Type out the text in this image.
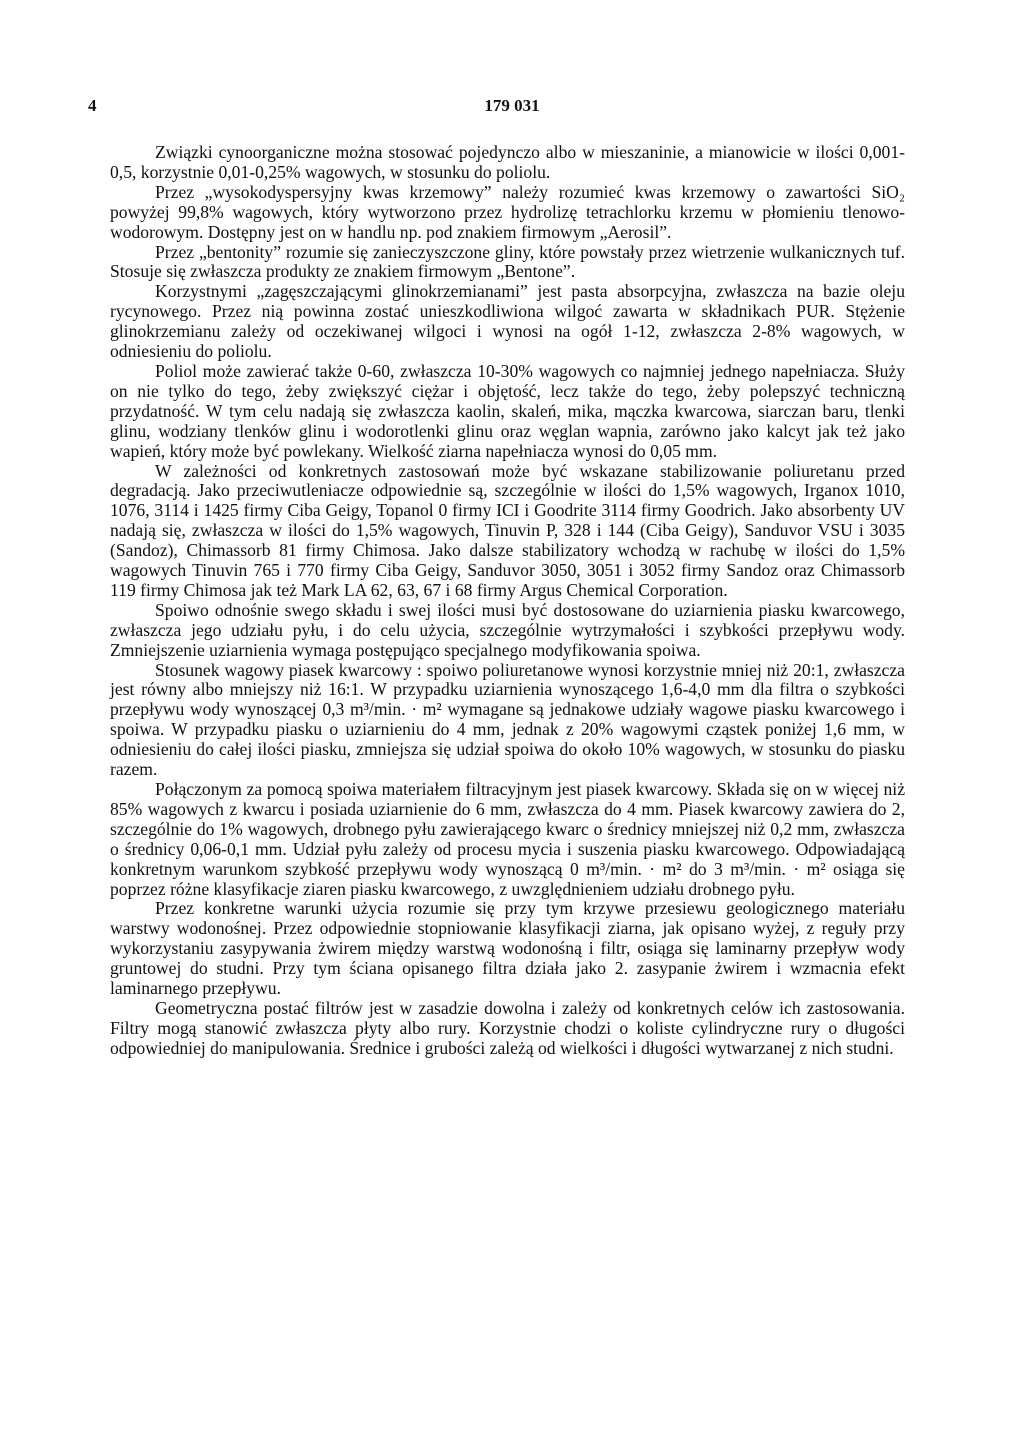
4	179 031

Związki cynoorganiczne można stosować pojedynczo albo w mieszaninie, a mianowicie w ilości 0,001-0,5, korzystnie 0,01-0,25% wagowych, w stosunku do poliolu.

Przez „wysokodyspersyjny kwas krzemowy” należy rozumieć kwas krzemowy o zawartości SiO₂ powyżej 99,8% wagowych, który wytworzono przez hydrolizę tetrachlorku krzemu w płomieniu tlenowo-wodorowym. Dostępny jest on w handlu np. pod znakiem firmowym „Aerosil”.

Przez „bentonity” rozumie się zanieczyszczone gliny, które powstały przez wietrzenie wulkanicznych tuf. Stosuje się zwłaszcza produkty ze znakiem firmowym „Bentone”.

Korzystnymi „zagęszczającymi glinokrzemianami” jest pasta absorpcyjna, zwłaszcza na bazie oleju rycynowego. Przez nią powinna zostać unieszkodliwiona wilgoć zawarta w składnikach PUR. Stężenie glinokrzemianu zależy od oczekiwanej wilgoci i wynosi na ogół 1-12, zwłaszcza 2-8% wagowych, w odniesieniu do poliolu.

Poliol może zawierać także 0-60, zwłaszcza 10-30% wagowych co najmniej jednego napełniacza. Służy on nie tylko do tego, żeby zwiększyć ciężar i objętość, lecz także do tego, żeby polepszyć techniczną przydatność. W tym celu nadają się zwłaszcza kaolin, skaleń, mika, mączka kwarcowa, siarczan baru, tlenki glinu, wodziany tlenków glinu i wodorotlenki glinu oraz węglan wapnia, zarówno jako kalcyt jak też jako wapień, który może być powlekany. Wielkość ziarna napełniacza wynosi do 0,05 mm.

W zależności od konkretnych zastosowań może być wskazane stabilizowanie poliuretanu przed degradacją. Jako przeciwutleniacze odpowiednie są, szczególnie w ilości do 1,5% wagowych, Irganox 1010, 1076, 3114 i 1425 firmy Ciba Geigy, Topanol 0 firmy ICI i Goodrite 3114 firmy Goodrich. Jako absorbenty UV nadają się, zwłaszcza w ilości do 1,5% wagowych, Tinuvin P, 328 i 144 (Ciba Geigy), Sanduvor VSU i 3035 (Sandoz), Chimassorb 81 firmy Chimosa. Jako dalsze stabilizatory wchodzą w rachubę w ilości do 1,5% wagowych Tinuvin 765 i 770 firmy Ciba Geigy, Sanduvor 3050, 3051 i 3052 firmy Sandoz oraz Chimassorb 119 firmy Chimosa jak też Mark LA 62, 63, 67 i 68 firmy Argus Chemical Corporation.

Spoiwo odnośnie swego składu i swej ilości musi być dostosowane do uziarnienia piasku kwarcowego, zwłaszcza jego udziału pyłu, i do celu użycia, szczególnie wytrzymałości i szybkości przepływu wody. Zmniejszenie uziarnienia wymaga postępująco specjalnego modyfikowania spoiwa.

Stosunek wagowy piasek kwarcowy : spoiwo poliuretanowe wynosi korzystnie mniej niż 20:1, zwłaszcza jest równy albo mniejszy niż 16:1. W przypadku uziarnienia wynoszącego 1,6-4,0 mm dla filtra o szybkości przepływu wody wynoszącej 0,3 m³/min. · m² wymagane są jednakowe udziały wagowe piasku kwarcowego i spoiwa. W przypadku piasku o uziarnieniu do 4 mm, jednak z 20% wagowymi cząstek poniżej 1,6 mm, w odniesieniu do całej ilości piasku, zmniejsza się udział spoiwa do około 10% wagowych, w stosunku do piasku razem.

Połączonym za pomocą spoiwa materiałem filtracyjnym jest piasek kwarcowy. Składa się on w więcej niż 85% wagowych z kwarcu i posiada uziarnienie do 6 mm, zwłaszcza do 4 mm. Piasek kwarcowy zawiera do 2, szczególnie do 1% wagowych, drobnego pyłu zawierającego kwarc o średnicy mniejszej niż 0,2 mm, zwłaszcza o średnicy 0,06-0,1 mm. Udział pyłu zależy od procesu mycia i suszenia piasku kwarcowego. Odpowiadającą konkretnym warunkom szybkość przepływu wody wynoszącą 0 m³/min. · m² do 3 m³/min. · m² osiąga się poprzez różne klasyfikacje ziaren piasku kwarcowego, z uwzględnieniem udziału drobnego pyłu.

Przez konkretne warunki użycia rozumie się przy tym krzywe przesiewu geologicznego materiału warstwy wodonośnej. Przez odpowiednie stopniowanie klasyfikacji ziarna, jak opisano wyżej, z reguły przy wykorzystaniu zasypywania żwirem między warstwą wodonośną i filtr, osiąga się laminarny przepływ wody gruntowej do studni. Przy tym ściana opisanego filtra działa jako 2. zasypanie żwirem i wzmacnia efekt laminarnego przepływu.

Geometryczna postać filtrów jest w zasadzie dowolna i zależy od konkretnych celów ich zastosowania. Filtry mogą stanowić zwłaszcza płyty albo rury. Korzystnie chodzi o koliste cylindryczne rury o długości odpowiedniej do manipulowania. Średnice i grubości zależą od wielkości i długości wytwarzanej z nich studni.
